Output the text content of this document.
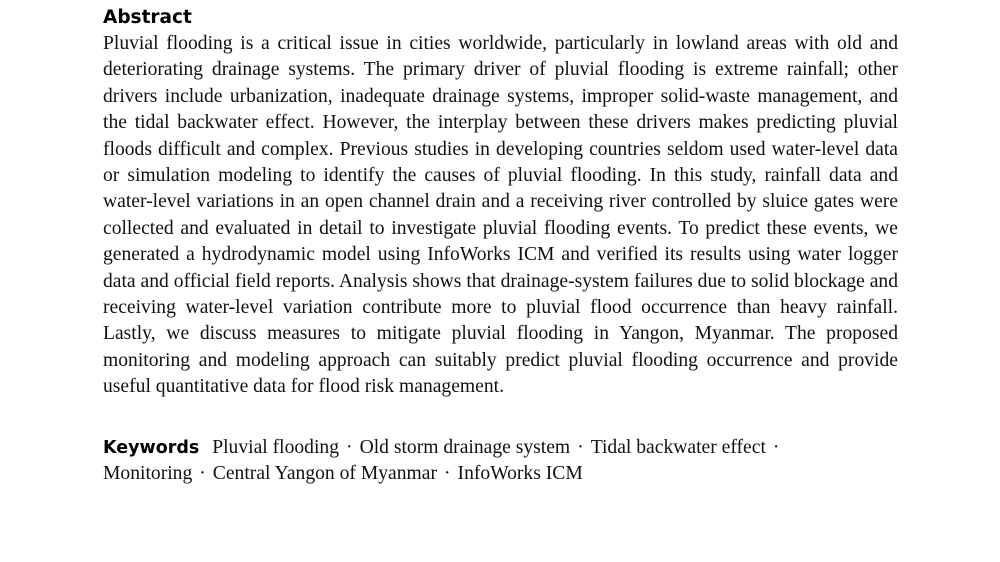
Abstract

Pluvial flooding is a critical issue in cities worldwide, particularly in lowland areas with old and deteriorating drainage systems. The primary driver of pluvial flooding is extreme rainfall; other drivers include urbanization, inadequate drainage systems, improper solid-waste management, and the tidal backwater effect. However, the interplay between these drivers makes predicting pluvial floods difficult and complex. Previous studies in developing countries seldom used water-level data or simulation modeling to identify the causes of pluvial flooding. In this study, rainfall data and water-level variations in an open channel drain and a receiving river controlled by sluice gates were collected and evaluated in detail to investigate pluvial flooding events. To predict these events, we generated a hydrodynamic model using InfoWorks ICM and verified its results using water logger data and official field reports. Analysis shows that drainage-system failures due to solid blockage and receiving water-level variation contribute more to pluvial flood occurrence than heavy rainfall. Lastly, we discuss measures to mitigate pluvial flooding in Yangon, Myanmar. The proposed monitoring and modeling approach can suitably predict pluvial flooding occurrence and provide useful quantitative data for flood risk management.

Keywords Pluvial flooding · Old storm drainage system · Tidal backwater effect ·
Monitoring · Central Yangon of Myanmar · InfoWorks ICM
